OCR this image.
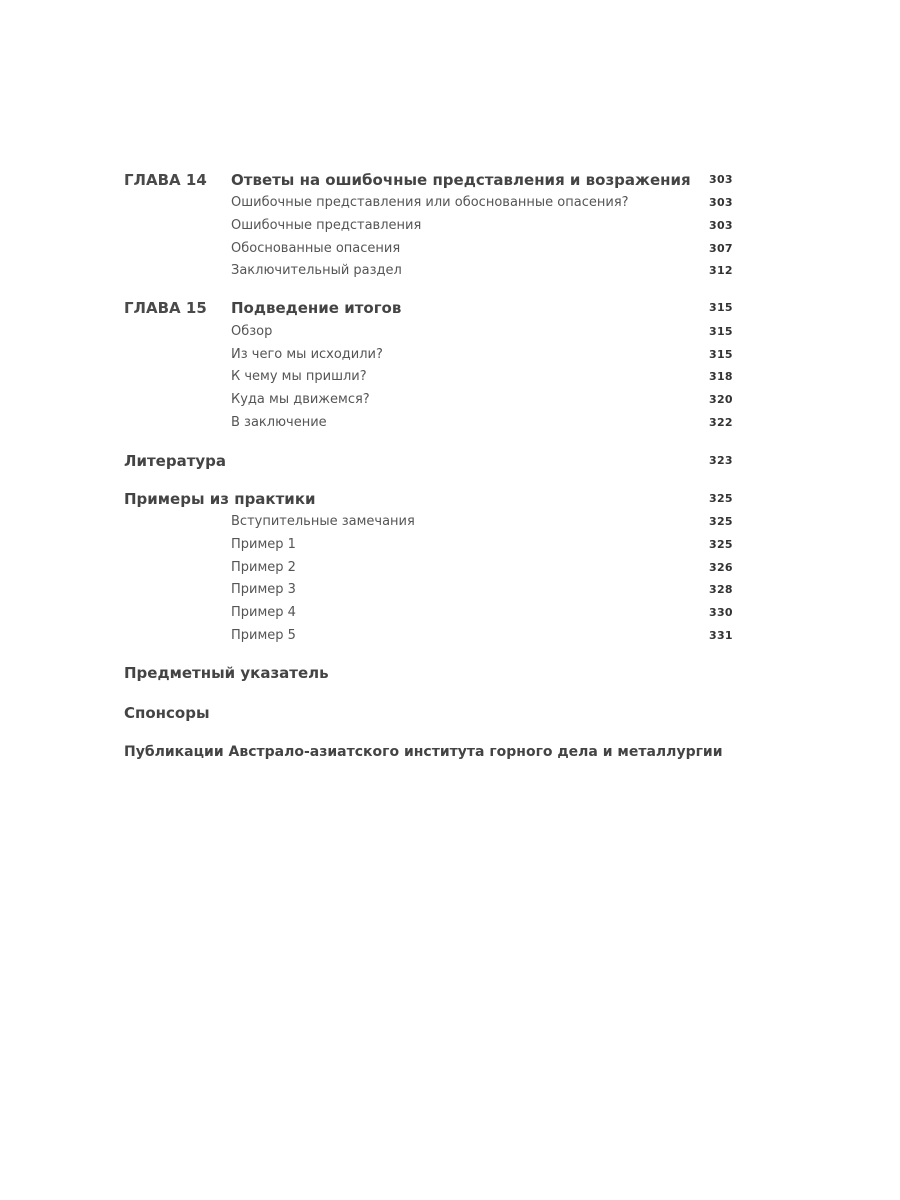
ГЛАВА 14 Ответы на ошибочные представления и возражения 303
Ошибочные представления или обоснованные опасения?	303
Ошибочные представления	303
Обоснованные опасения	307
Заключительный раздел	312
ГЛАВА 15 Подведение итогов	315
Обзор	315
Из чего мы исходили?	315
К чему мы пришли?	318
Куда мы движемся?	320
В заключение	322
Литература	323
Примеры из практики	325
Вступительные замечания	325
Пример 1	325
Пример 2	326
Пример 3	328
Пример 4	330
Пример 5	331
Предметный указатель
Спонсоры
Публикации Австрало-азиатского института горного дела и металлургии
